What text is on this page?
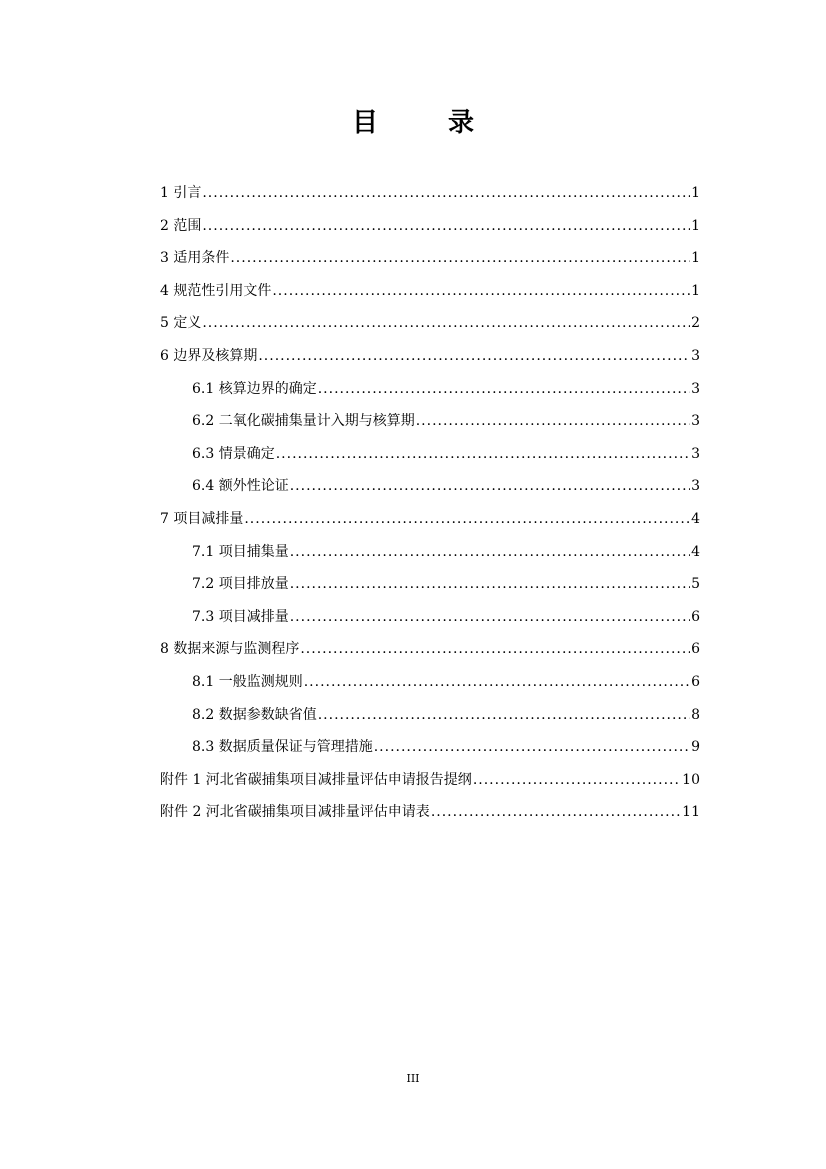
目　录
1 引言 .....	1
2 范围 .....	1
3 适用条件 .....	1
4 规范性引用文件 .....	1
5 定义 .....	2
6 边界及核算期 .....	3
6.1 核算边界的确定 .....	3
6.2 二氧化碳捕集量计入期与核算期 .....	3
6.3 情景确定 .....	3
6.4 额外性论证 .....	3
7 项目减排量 .....	4
7.1 项目捕集量 .....	4
7.2 项目排放量 .....	5
7.3 项目减排量 .....	6
8 数据来源与监测程序 .....	6
8.1 一般监测规则 .....	6
8.2 数据参数缺省值 .....	8
8.3 数据质量保证与管理措施 .....	9
附件 1 河北省碳捕集项目减排量评估申请报告提纲 .....	10
附件 2 河北省碳捕集项目减排量评估申请表 .....	11
III
